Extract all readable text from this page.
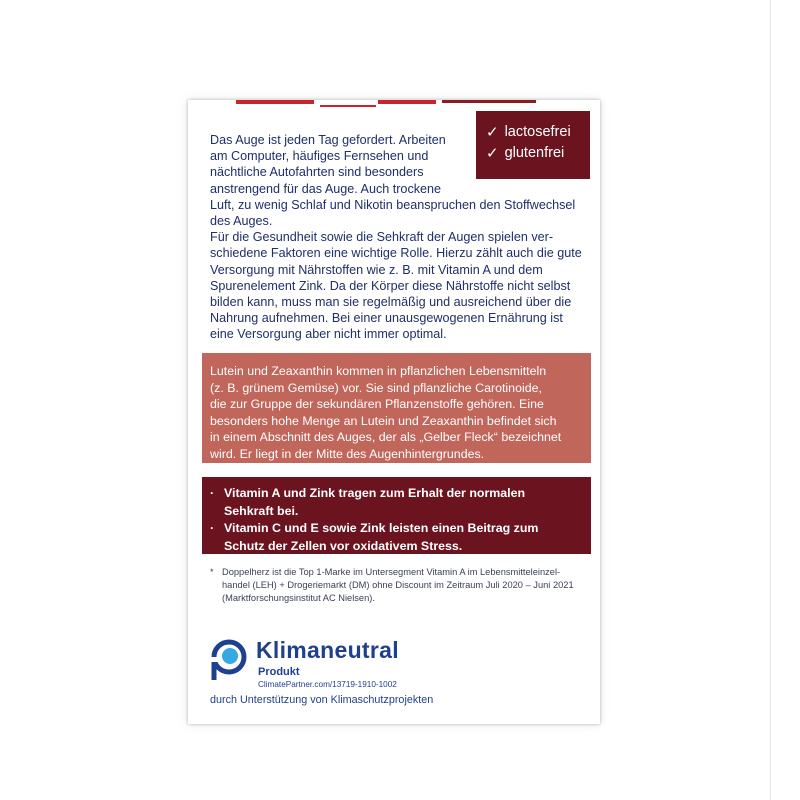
✓ lactosefrei
✓ glutenfrei

Das Auge ist jeden Tag gefordert. Arbeiten
am Computer, häufiges Fernsehen und
nächtliche Autofahrten sind besonders
anstrengend für das Auge. Auch trockene

Luft, zu wenig Schlaf und Nikotin beanspruchen den Stoffwechsel
des Auges.

Für die Gesundheit sowie die Sehkraft der Augen spielen ver-
schiedene Faktoren eine wichtige Rolle. Hierzu zählt auch die gute
Versorgung mit Nährstoffen wie z. B. mit Vitamin A und dem
Spurenelement Zink. Da der Körper diese Nährstoffe nicht selbst
bilden kann, muss man sie regelmäßig und ausreichend über die
Nahrung aufnehmen. Bei einer unausgewogenen Ernährung ist
eine Versorgung aber nicht immer optimal.

Lutein und Zeaxanthin kommen in pflanzlichen Lebensmitteln
(z. B. grünem Gemüse) vor. Sie sind pflanzliche Carotinoide,
die zur Gruppe der sekundären Pflanzenstoffe gehören. Eine
besonders hohe Menge an Lutein und Zeaxanthin befindet sich
in einem Abschnitt des Auges, der als „Gelber Fleck“ bezeichnet
wird. Er liegt in der Mitte des Augenhintergrundes.
· Vitamin A und Zink tragen zum Erhalt der normalen
Sehkraft bei.
· Vitamin C und E sowie Zink leisten einen Beitrag zum
Schutz der Zellen vor oxidativem Stress.
* Doppelherz ist die Top 1-Marke im Untersegment Vitamin A im Lebensmitteleinzel-
handel (LEH) + Drogeriemarkt (DM) ohne Discount im Zeitraum Juli 2020 – Juni 2021
(Marktforschungsinstitut AC Nielsen).
Klimaneutral
Produkt
ClimatePartner.com/13719-1910-1002
durch Unterstützung von Klimaschutzprojekten
